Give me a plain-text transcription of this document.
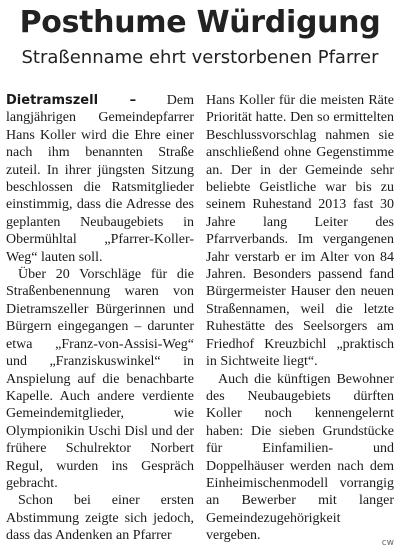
Posthume Würdigung
Straßenname ehrt verstorbenen Pfarrer

Dietramszell – Dem langjährigen Gemeindepfarrer Hans Koller wird die Ehre einer nach ihm benannten Straße zuteil. In ihrer jüngsten Sitzung beschlossen die Ratsmitglieder einstimmig, dass die Adresse des geplanten Neubaugebiets in Obermühltal „Pfarrer-Koller-Weg“ lauten soll.

Über 20 Vorschläge für die Straßenbenennung waren von Dietramszeller Bürgerinnen und Bürgern eingegangen – darunter etwa „Franz-von-Assisi-Weg“ und „Franziskuswinkel“ in Anspielung auf die benachbarte Kapelle. Auch andere verdiente Gemeindemitglieder, wie Olympionikin Uschi Disl und der frühere Schulrektor Norbert Regul, wurden ins Gespräch gebracht.

Schon bei einer ersten Abstimmung zeigte sich jedoch, dass das Andenken an Pfarrer

Hans Koller für die meisten Räte Priorität hatte. Den so ermittelten Beschlussvorschlag nahmen sie anschließend ohne Gegenstimme an. Der in der Gemeinde sehr beliebte Geistliche war bis zu seinem Ruhestand 2013 fast 30 Jahre lang Leiter des Pfarrverbands. Im vergangenen Jahr verstarb er im Alter von 84 Jahren. Besonders passend fand Bürgermeister Hauser den neuen Straßennamen, weil die letzte Ruhestätte des Seelsorgers am Friedhof Kreuzbichl „praktisch in Sichtweite liegt“.

Auch die künftigen Bewohner des Neubaugebiets dürften Koller noch kennengelernt haben: Die sieben Grundstücke für Einfamilien- und Doppelhäuser werden nach dem Einheimischenmodell vorrangig an Bewerber mit langer Gemeindezugehörigkeit vergeben.	cw
